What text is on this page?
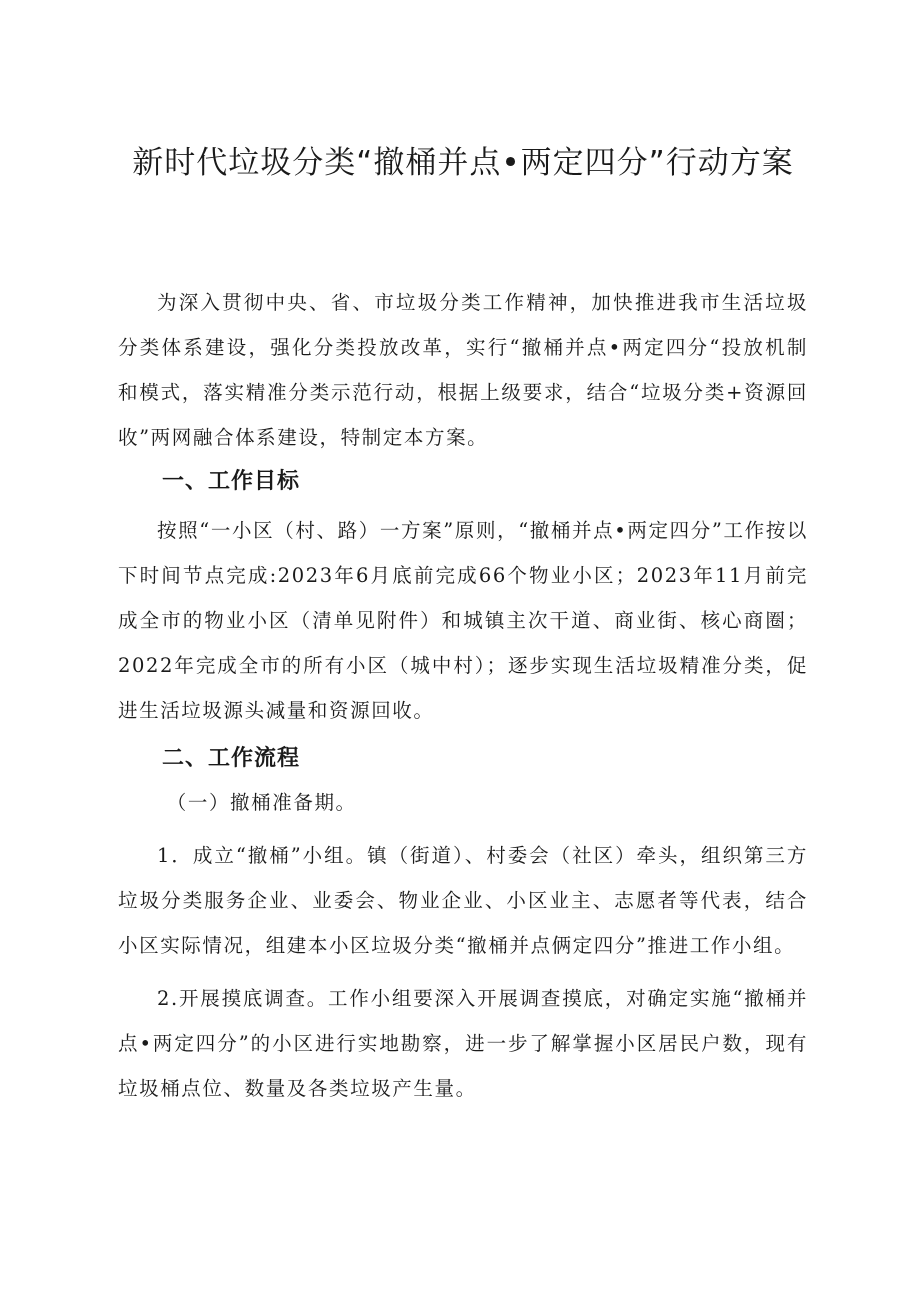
新时代垃圾分类“撤桶并点•两定四分”行动方案

为深入贯彻中央、省、市垃圾分类工作精神，加快推进我市生活垃圾分类体系建设，强化分类投放改革，实行“撤桶并点•两定四分“投放机制和模式，落实精准分类示范行动，根据上级要求，结合“垃圾分类+资源回收”两网融合体系建设，特制定本方案。

一、工作目标

按照“一小区（村、路）一方案”原则，“撤桶并点•两定四分”工作按以下时间节点完成:2023年6月底前完成66个物业小区；2023年11月前完成全市的物业小区（清单见附件）和城镇主次干道、商业街、核心商圈；2022年完成全市的所有小区（城中村）；逐步实现生活垃圾精准分类，促进生活垃圾源头减量和资源回收。

二、工作流程

（一）撤桶准备期。

1．成立“撤桶”小组。镇（街道）、村委会（社区）牵头，组织第三方垃圾分类服务企业、业委会、物业企业、小区业主、志愿者等代表，结合小区实际情况，组建本小区垃圾分类“撤桶并点俩定四分”推进工作小组。

2.开展摸底调查。工作小组要深入开展调查摸底，对确定实施“撤桶并点•两定四分”的小区进行实地勘察，进一步了解掌握小区居民户数，现有垃圾桶点位、数量及各类垃圾产生量。
